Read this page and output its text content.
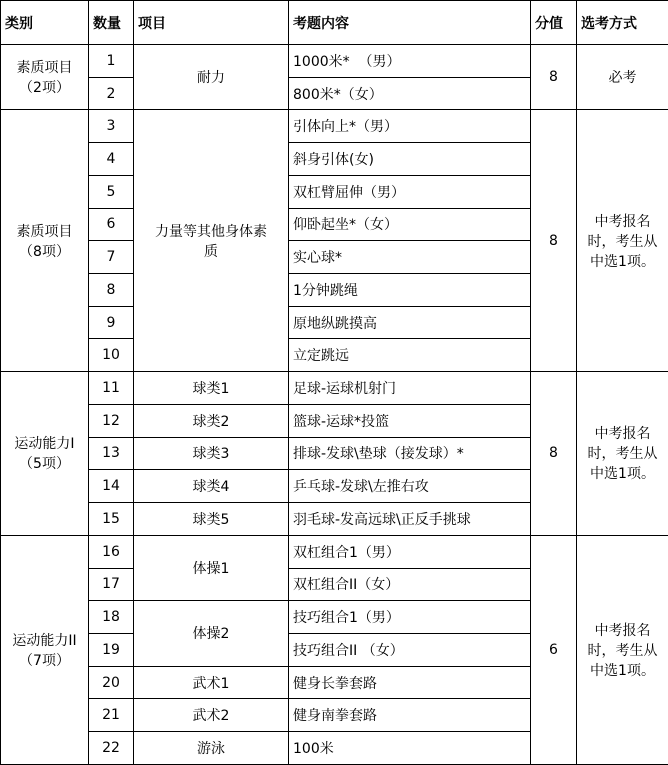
类别	数量	项目	考题内容	分值	选考方式
素质项目
（2项）	1	耐力	1000米*  （男）	8	必考
	2		800米*（女）		
素质项目
（8项）	3	力量等其他身体素质	引体向上*（男）	8	中考报名时，考生从中选1项。
	4		斜身引体(女)		
	5		双杠臂屈伸（男）		
	6		仰卧起坐*（女）		
	7		实心球*		
	8		1分钟跳绳		
	9		原地纵跳摸高		
	10		立定跳远		
运动能力I
（5项）	11	球类1	足球-运球机射门	8	中考报名时，考生从中选1项。
	12	球类2	篮球-运球*投篮		
	13	球类3	排球-发球\垫球（接发球）*		
	14	球类4	乒乓球-发球\左推右攻		
	15	球类5	羽毛球-发高远球\正反手挑球		
运动能力II
（7项）	16	体操1	双杠组合1（男）	6	中考报名时，考生从中选1项。
	17		双杠组合II（女）		
	18	体操2	技巧组合1（男）		
	19		技巧组合II （女）		
	20	武术1	健身长拳套路		
	21	武术2	健身南拳套路		
	22	游泳	100米		
